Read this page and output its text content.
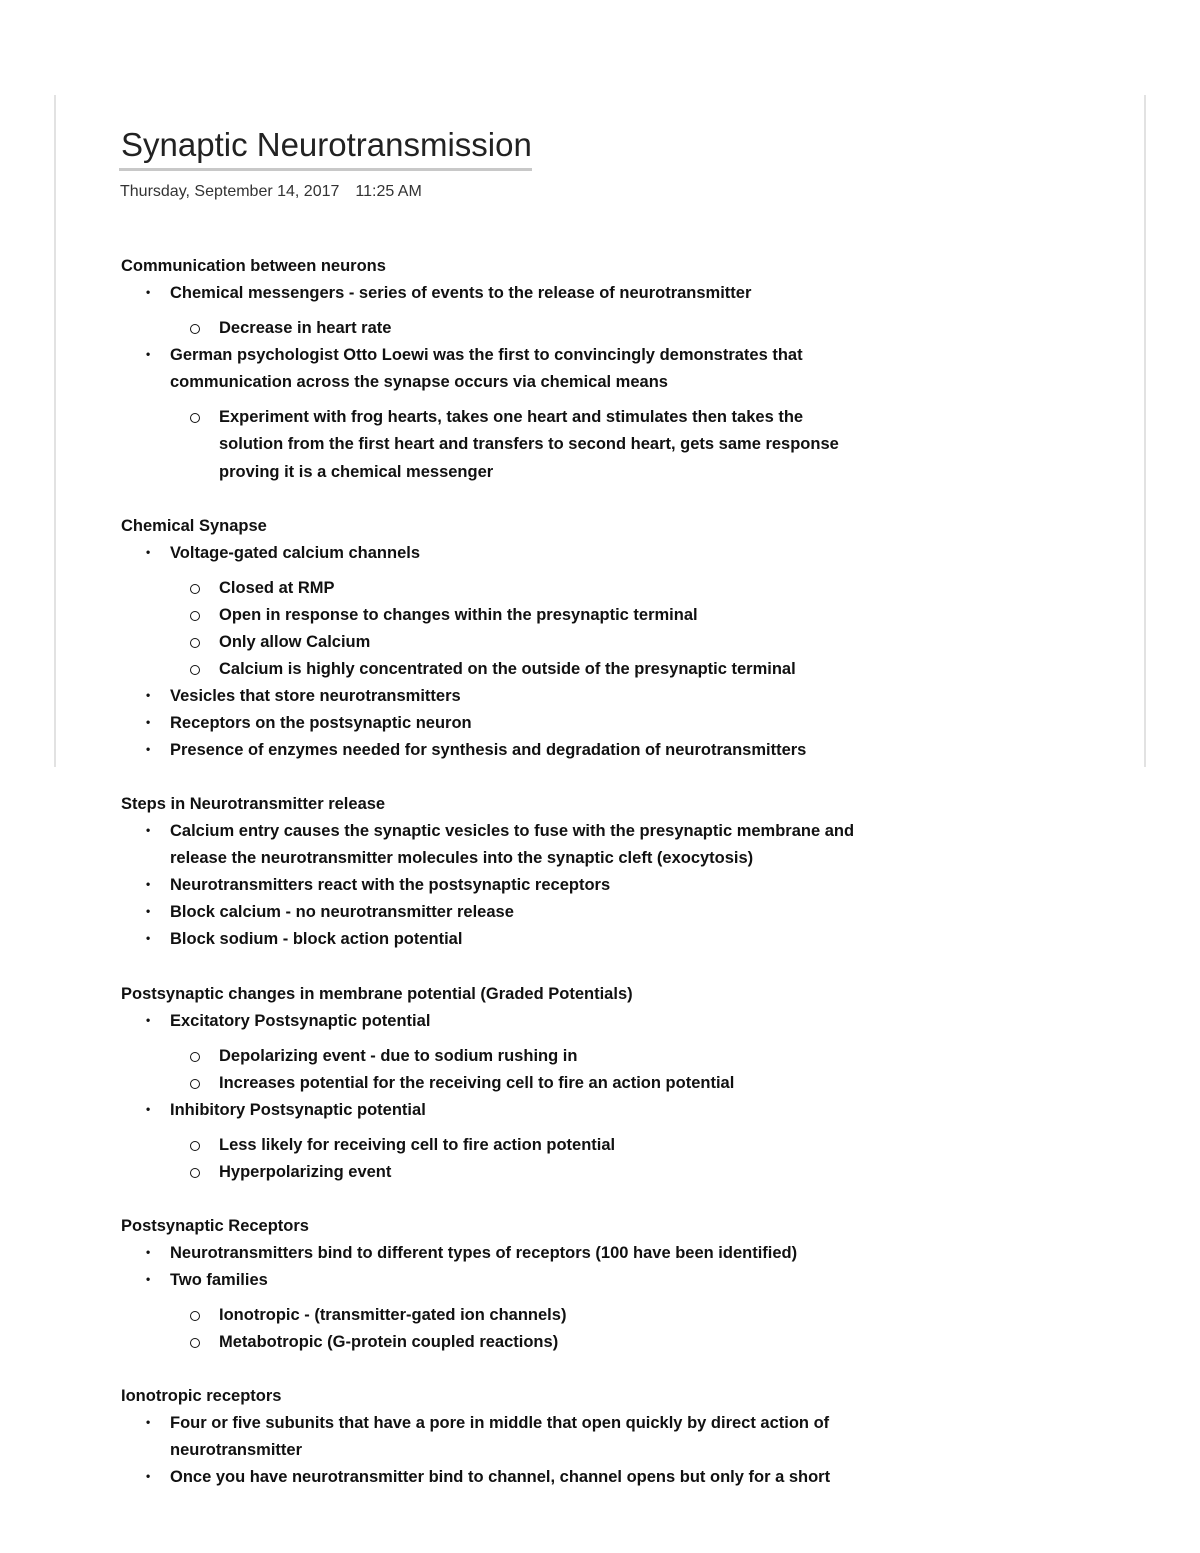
Synaptic Neurotransmission
Thursday, September 14, 2017 11:25 AM
Communication between neurons
• Chemical messengers - series of events to the release of neurotransmitter
Decrease in heart rate
• German psychologist Otto Loewi was the first to convincingly demonstrates that
communication across the synapse occurs via chemical means
Experiment with frog hearts, takes one heart and stimulates then takes the
solution from the first heart and transfers to second heart, gets same response
proving it is a chemical messenger
Chemical Synapse
• Voltage-gated calcium channels
Closed at RMP
Open in response to changes within the presynaptic terminal
Only allow Calcium
Calcium is highly concentrated on the outside of the presynaptic terminal
• Vesicles that store neurotransmitters
• Receptors on the postsynaptic neuron
• Presence of enzymes needed for synthesis and degradation of neurotransmitters
Steps in Neurotransmitter release
• Calcium entry causes the synaptic vesicles to fuse with the presynaptic membrane and
release the neurotransmitter molecules into the synaptic cleft (exocytosis)
• Neurotransmitters react with the postsynaptic receptors
• Block calcium - no neurotransmitter release
• Block sodium - block action potential
Postsynaptic changes in membrane potential (Graded Potentials)
• Excitatory Postsynaptic potential
Depolarizing event - due to sodium rushing in
Increases potential for the receiving cell to fire an action potential
• Inhibitory Postsynaptic potential
Less likely for receiving cell to fire action potential
Hyperpolarizing event
Postsynaptic Receptors
• Neurotransmitters bind to different types of receptors (100 have been identified)
• Two families
Ionotropic - (transmitter-gated ion channels)
Metabotropic (G-protein coupled reactions)
Ionotropic receptors
• Four or five subunits that have a pore in middle that open quickly by direct action of
neurotransmitter
• Once you have neurotransmitter bind to channel, channel opens but only for a short
